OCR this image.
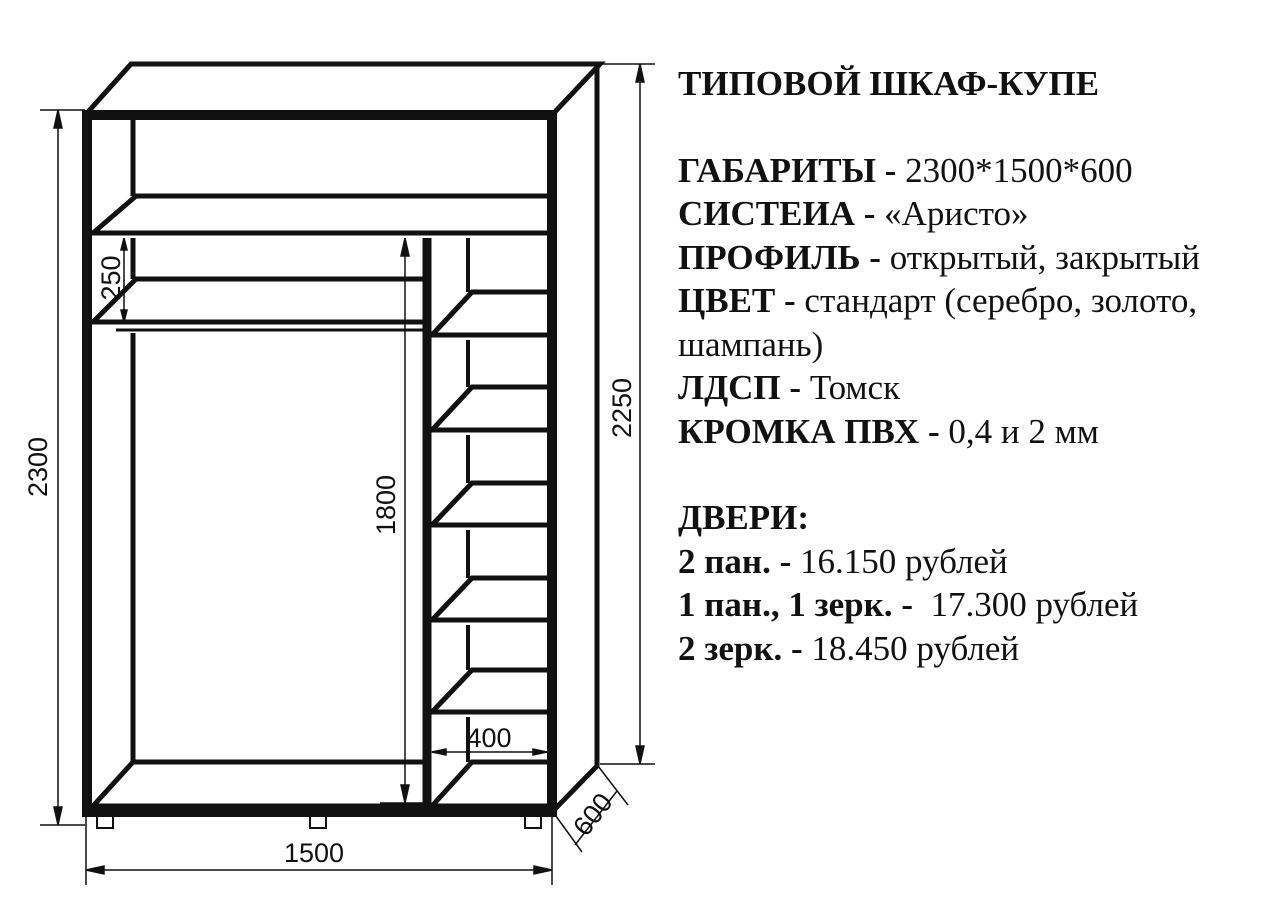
2300
1500
2250
1800
250
400
600
ТИПОВОЙ ШКАФ-КУПЕ
ГАБАРИТЫ - 2300*1500*600
СИСТЕИА - «Аристо»
ПРОФИЛЬ - открытый, закрытый
ЦВЕТ - стандарт (серебро, золото,
шампань)
ЛДСП - Томск
КРОМКА ПВХ - 0,4 и 2 мм
ДВЕРИ:
2 пан. - 16.150 рублей
1 пан., 1 зерк. -  17.300 рублей
2 зерк. - 18.450 рублей
